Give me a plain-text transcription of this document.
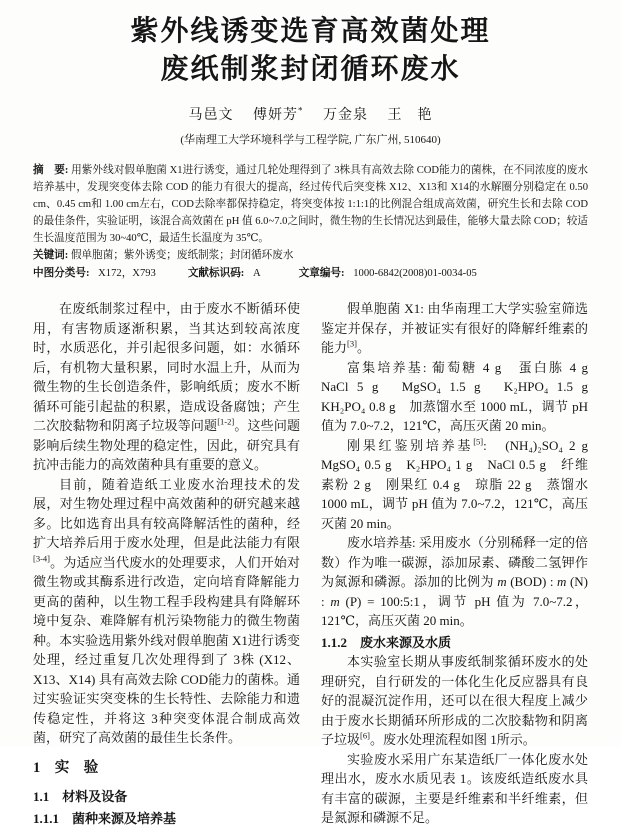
紫外线诱变选育高效菌处理
废纸制浆封闭循环废水
马邑文　 傅妍芳* 　万金泉　 王　艳
(华南理工大学环境科学与工程学院, 广东广州, 510640)
摘　要: 用紫外线对假单胞菌 X1进行诱变，通过几轮处理得到了 3株具有高效去除 COD能力的菌株，在不同浓度的废水培养基中，发现突变体去除 COD 的能力有很大的提高，经过传代后突变株 X12、X13和 X14的水解圈分别稳定在 0.50 cm、0.45 cm和 1.00 cm左右，COD去除率都保持稳定，将突变体按 1:1:1的比例混合组成高效菌，研究生长和去除 COD 的最佳条件，实验证明，该混合高效菌在 pH 值 6.0~7.0之间时，微生物的生长情况达到最佳，能够大量去除 COD；较适生长温度范围为 30~40℃，最适生长温度为 35℃。
关键词: 假单胞菌；紫外诱变；废纸制浆；封闭循环废水
中图分类号: X172，X793	文献标识码: A	文章编号: 1000-6842(2008)01-0034-05

在废纸制浆过程中，由于废水不断循环使用，有害物质逐渐积累，当其达到较高浓度时，水质恶化，并引起很多问题，如：水循环后，有机物大量积累，同时水温上升，从而为微生物的生长创造条件，影响纸质；废水不断循环可能引起盐的积累，造成设备腐蚀；产生二次胶黏物和阴离子垃圾等问题[1-2]。这些问题影响后续生物处理的稳定性，因此，研究具有抗冲击能力的高效菌种具有重要的意义。

目前，随着造纸工业废水治理技术的发展，对生物处理过程中高效菌种的研究越来越多。比如选育出具有较高降解活性的菌种，经扩大培养后用于废水处理，但是此法能力有限[3-4]。为适应当代废水的处理要求，人们开始对微生物或其酶系进行改造，定向培育降解能力更高的菌种，以生物工程手段构建具有降解环境中复杂、难降解有机污染物能力的微生物菌种。本实验选用紫外线对假单胞菌 X1进行诱变处理，经过重复几次处理得到了 3株 (X12、X13、X14) 具有高效去除 COD能力的菌株。通过实验证实突变株的生长特性、去除能力和遗传稳定性，并将这 3种突变体混合制成高效菌，研究了高效菌的最佳生长条件。

1　实　验
1.1　材料及设备
1.1.1　菌种来源及培养基

假单胞菌 X1: 由华南理工大学实验室筛选鉴定并保存，并被证实有很好的降解纤维素的能力[3]。

富集培养基: 葡萄糖 4 g　蛋白胨 4 g　NaCl 5 g　MgSO₄ 1.5 g　K₂HPO₄ 1.5 g　KH₂PO₄ 0.8 g　加蒸馏水至 1000 mL，调节 pH 值为 7.0~7.2，121℃，高压灭菌 20 min。

刚果红鉴别培养基[5]:　(NH₄)₂SO₄ 2 g　MgSO₄ 0.5 g　K₂HPO₄ 1 g　NaCl 0.5 g　纤维素粉 2 g　刚果红 0.4 g　琼脂 22 g　蒸馏水 1000 mL，调节 pH 值为 7.0~7.2，121℃，高压灭菌 20 min。

废水培养基: 采用废水（分别稀释一定的倍数）作为唯一碳源，添加尿素、磷酸二氢钾作为氮源和磷源。添加的比例为 m (BOD) : m (N) : m (P) = 100:5:1，调节 pH 值为 7.0~7.2，121℃，高压灭菌 20 min。

1.1.2　废水来源及水质

本实验室长期从事废纸制浆循环废水的处理研究，自行研发的一体化生化反应器具有良好的混凝沉淀作用，还可以在很大程度上减少由于废水长期循环所形成的二次胶黏物和阴离子垃圾[6]。废水处理流程如图 1所示。

实验废水采用广东某造纸厂一体化废水处理出水，废水水质见表 1。该废纸造纸废水具有丰富的碳源，主要是纤维素和半纤维素，但是氮源和磷源不足。
